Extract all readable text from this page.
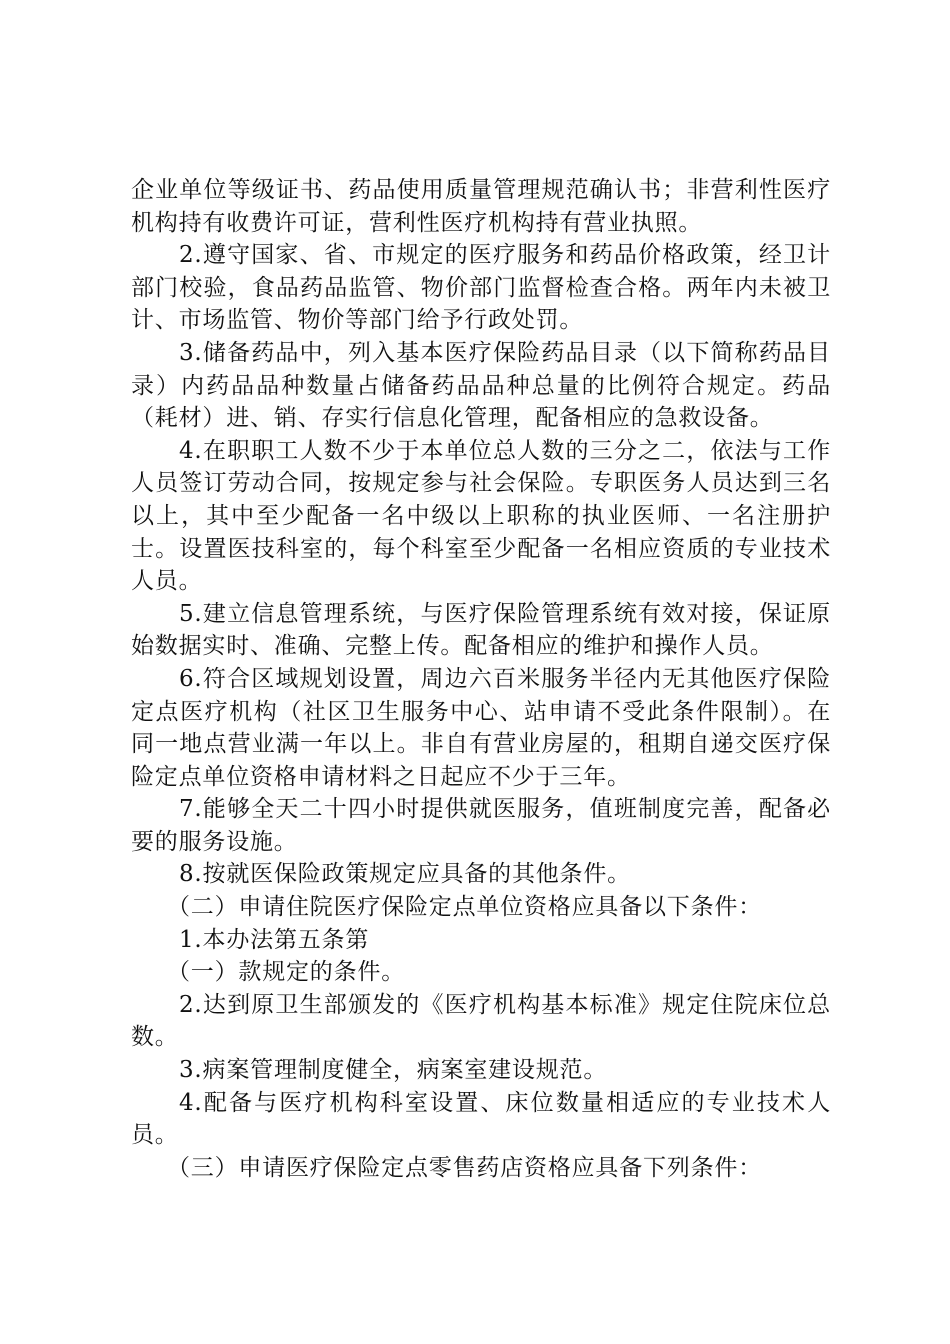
企业单位等级证书、药品使用质量管理规范确认书；非营利性医疗机构持有收费许可证，营利性医疗机构持有营业执照。

2.遵守国家、省、市规定的医疗服务和药品价格政策，经卫计部门校验，食品药品监管、物价部门监督检查合格。两年内未被卫计、市场监管、物价等部门给予行政处罚。

3.储备药品中，列入基本医疗保险药品目录（以下简称药品目录）内药品品种数量占储备药品品种总量的比例符合规定。药品（耗材）进、销、存实行信息化管理，配备相应的急救设备。

4.在职职工人数不少于本单位总人数的三分之二，依法与工作人员签订劳动合同，按规定参与社会保险。专职医务人员达到三名以上，其中至少配备一名中级以上职称的执业医师、一名注册护士。设置医技科室的，每个科室至少配备一名相应资质的专业技术人员。

5.建立信息管理系统，与医疗保险管理系统有效对接，保证原始数据实时、准确、完整上传。配备相应的维护和操作人员。

6.符合区域规划设置，周边六百米服务半径内无其他医疗保险定点医疗机构（社区卫生服务中心、站申请不受此条件限制）。在同一地点营业满一年以上。非自有营业房屋的，租期自递交医疗保险定点单位资格申请材料之日起应不少于三年。

7.能够全天二十四小时提供就医服务，值班制度完善，配备必要的服务设施。

8.按就医保险政策规定应具备的其他条件。

（二）申请住院医疗保险定点单位资格应具备以下条件：

1.本办法第五条第

（一）款规定的条件。

2.达到原卫生部颁发的《医疗机构基本标准》规定住院床位总数。

3.病案管理制度健全，病案室建设规范。

4.配备与医疗机构科室设置、床位数量相适应的专业技术人员。

（三）申请医疗保险定点零售药店资格应具备下列条件：
